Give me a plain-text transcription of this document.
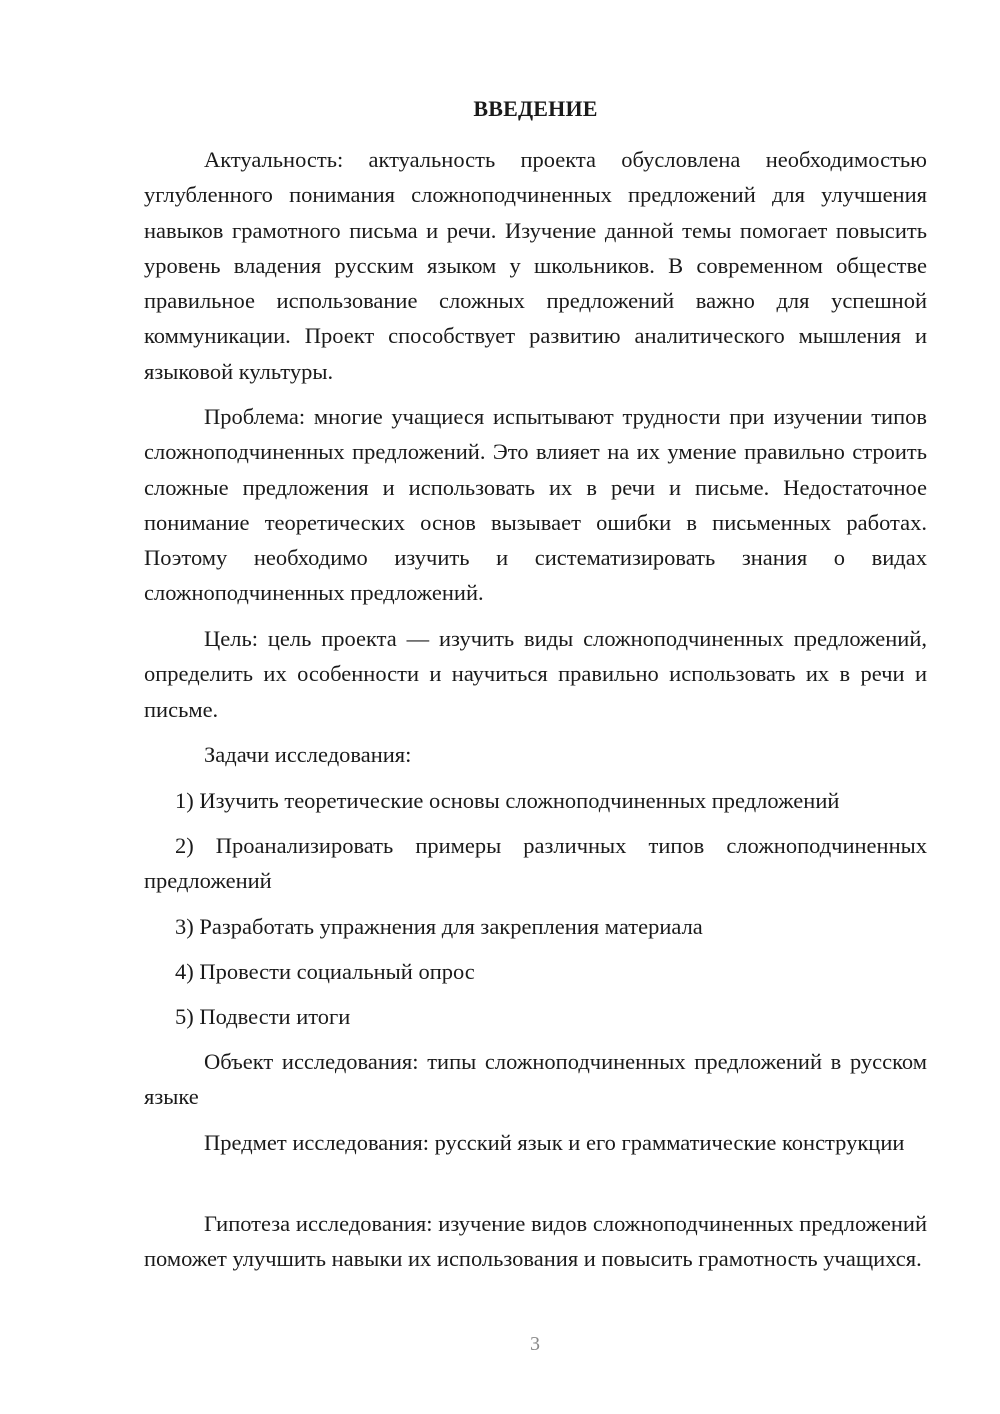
ВВЕДЕНИЕ

Актуальность: актуальность проекта обусловлена необходимостью углубленного понимания сложноподчиненных предложений для улучшения навыков грамотного письма и речи. Изучение данной темы помогает повысить уровень владения русским языком у школьников. В современном обществе правильное использование сложных предложений важно для успешной коммуникации. Проект способствует развитию аналитического мышления и языковой культуры.

Проблема: многие учащиеся испытывают трудности при изучении типов сложноподчиненных предложений. Это влияет на их умение правильно строить сложные предложения и использовать их в речи и письме. Недостаточное понимание теоретических основ вызывает ошибки в письменных работах. Поэтому необходимо изучить и систематизировать знания о видах сложноподчиненных предложений.

Цель: цель проекта — изучить виды сложноподчиненных предложений, определить их особенности и научиться правильно использовать их в речи и письме.

Задачи исследования:

1) Изучить теоретические основы сложноподчиненных предложений

2) Проанализировать примеры различных типов сложноподчиненных предложений

3) Разработать упражнения для закрепления материала

4) Провести социальный опрос

5) Подвести итоги

Объект исследования: типы сложноподчиненных предложений в русском языке

Предмет исследования: русский язык и его грамматические конструкции

Гипотеза исследования: изучение видов сложноподчиненных предложений поможет улучшить навыки их использования и повысить грамотность учащихся.

3
